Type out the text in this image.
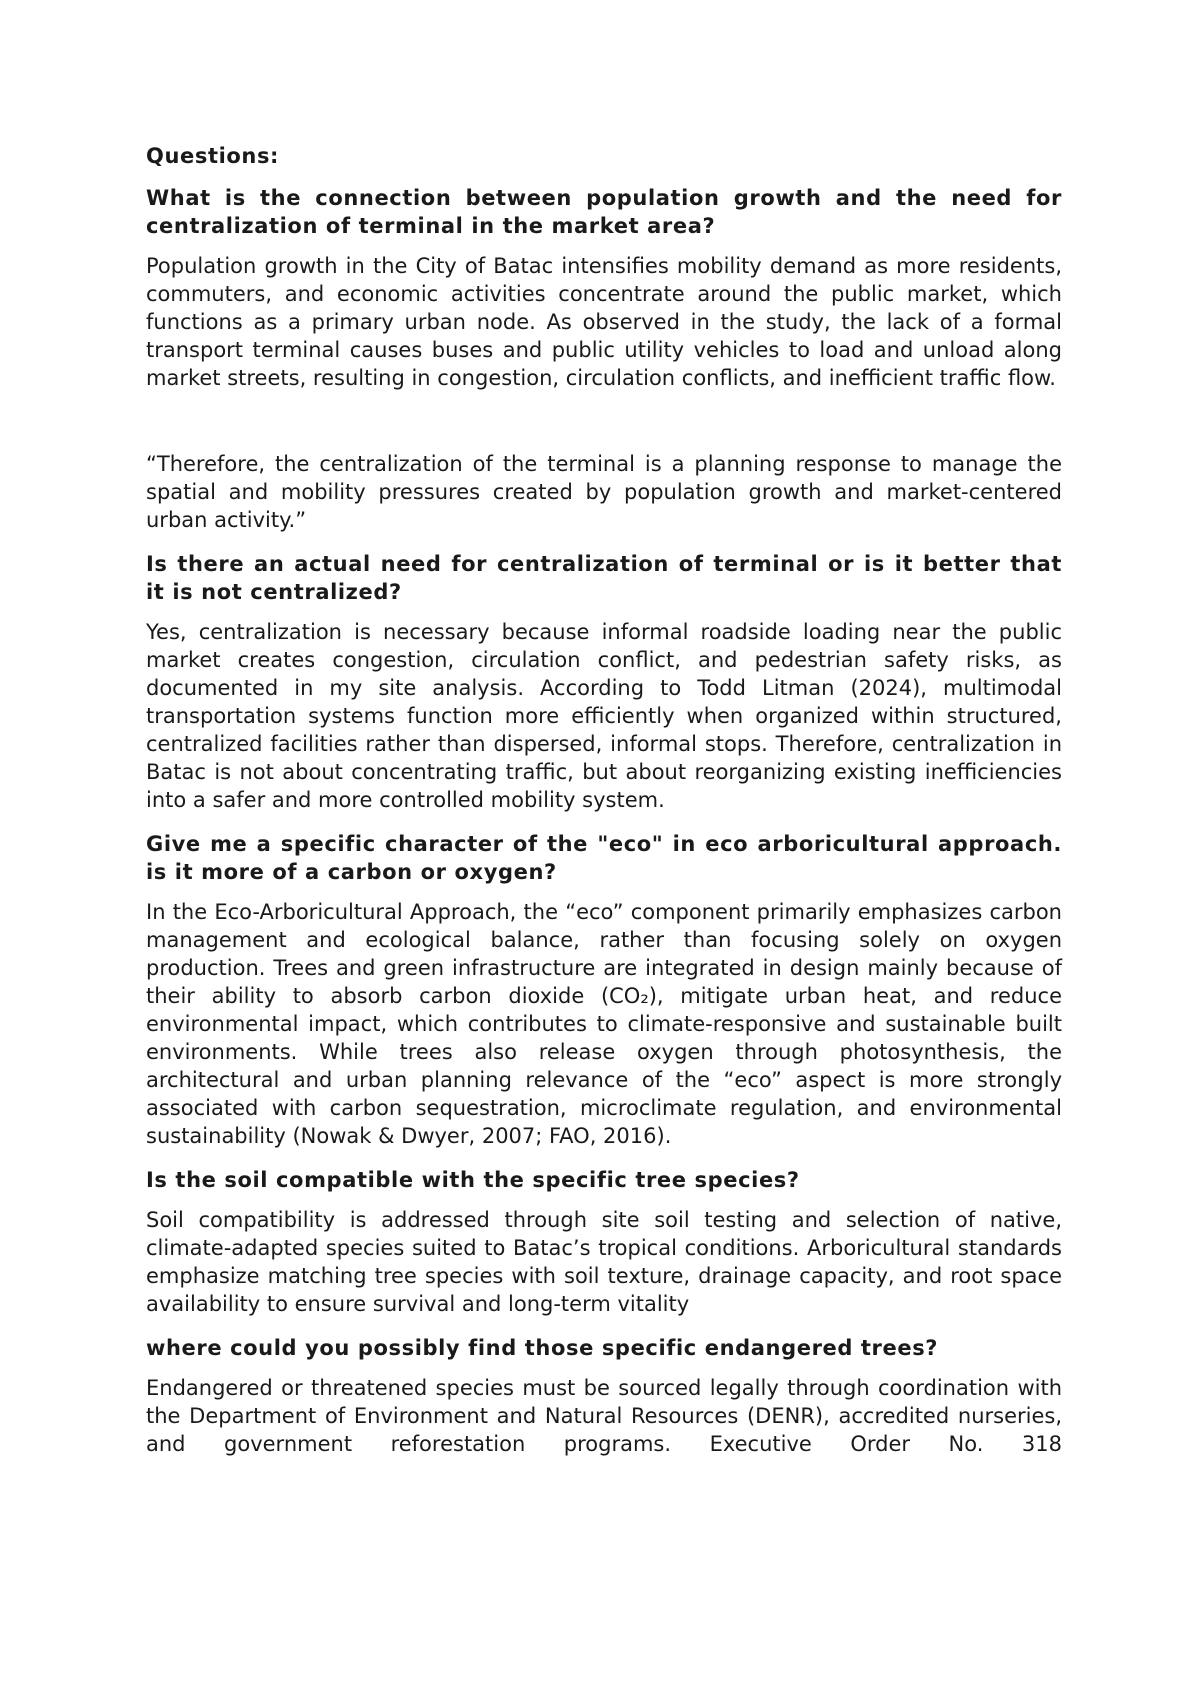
Questions:

What is the connection between population growth and the need for centralization of terminal in the market area?

Population growth in the City of Batac intensifies mobility demand as more residents, commuters, and economic activities concentrate around the public market, which functions as a primary urban node. As observed in the study, the lack of a formal transport terminal causes buses and public utility vehicles to load and unload along market streets, resulting in congestion, circulation conflicts, and inefficient traffic flow.

“Therefore, the centralization of the terminal is a planning response to manage the spatial and mobility pressures created by population growth and market-centered urban activity.”

Is there an actual need for centralization of terminal or is it better that it is not centralized?

Yes, centralization is necessary because informal roadside loading near the public market creates congestion, circulation conflict, and pedestrian safety risks, as documented in my site analysis. According to Todd Litman (2024), multimodal transportation systems function more efficiently when organized within structured, centralized facilities rather than dispersed, informal stops. Therefore, centralization in Batac is not about concentrating traffic, but about reorganizing existing inefficiencies into a safer and more controlled mobility system.

Give me a specific character of the "eco" in eco arboricultural approach. is it more of a carbon or oxygen?

In the Eco-Arboricultural Approach, the “eco” component primarily emphasizes carbon management and ecological balance, rather than focusing solely on oxygen production. Trees and green infrastructure are integrated in design mainly because of their ability to absorb carbon dioxide (CO₂), mitigate urban heat, and reduce environmental impact, which contributes to climate-responsive and sustainable built environments. While trees also release oxygen through photosynthesis, the architectural and urban planning relevance of the “eco” aspect is more strongly associated with carbon sequestration, microclimate regulation, and environmental sustainability (Nowak & Dwyer, 2007; FAO, 2016).

Is the soil compatible with the specific tree species?

Soil compatibility is addressed through site soil testing and selection of native, climate-adapted species suited to Batac’s tropical conditions. Arboricultural standards emphasize matching tree species with soil texture, drainage capacity, and root space availability to ensure survival and long-term vitality

where could you possibly find those specific endangered trees?

Endangered or threatened species must be sourced legally through coordination with the Department of Environment and Natural Resources (DENR), accredited nurseries, and government reforestation programs. Executive Order No. 318
